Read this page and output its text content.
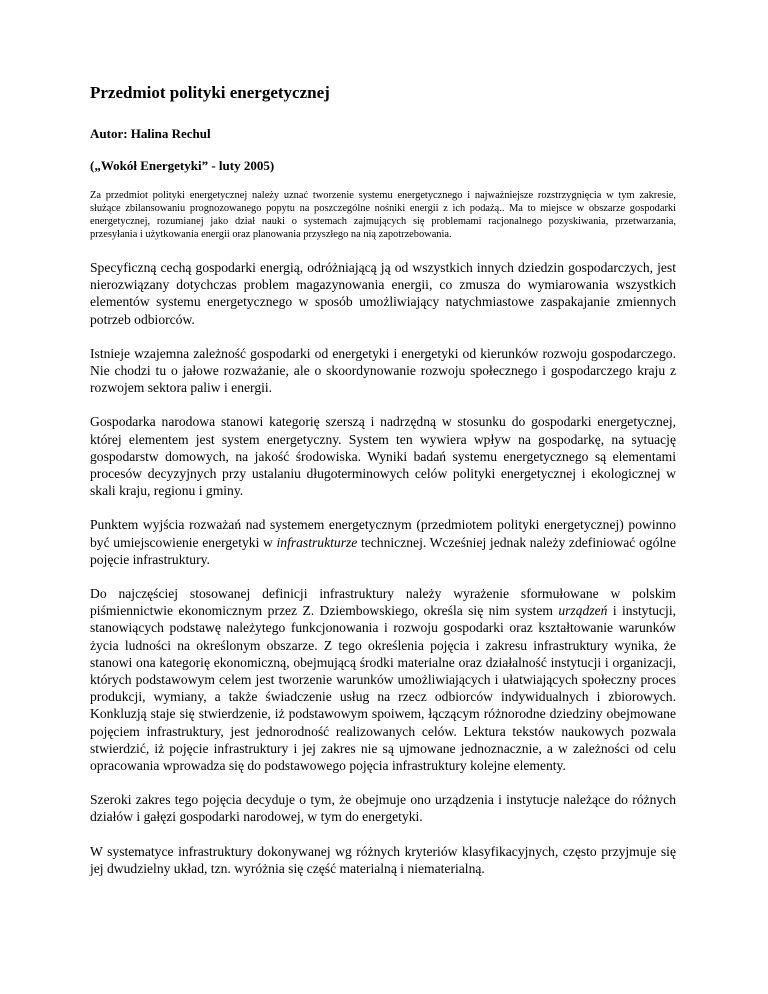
Przedmiot polityki energetycznej

Autor: Halina Rechul

(„Wokół Energetyki” - luty 2005)

Za przedmiot polityki energetycznej należy uznać tworzenie systemu energetycznego i najważniejsze rozstrzygnięcia w tym zakresie, służące zbilansowaniu prognozowanego popytu na poszczególne nośniki energii z ich podażą.. Ma to miejsce w obszarze gospodarki energetycznej, rozumianej jako dział nauki o systemach zajmujących się problemami racjonalnego pozyskiwania, przetwarzania, przesyłania i użytkowania energii oraz planowania przyszłego na nią zapotrzebowania.

Specyficzną cechą gospodarki energią, odróżniającą ją od wszystkich innych dziedzin gospodarczych, jest nierozwiązany dotychczas problem magazynowania energii, co zmusza do wymiarowania wszystkich elementów systemu energetycznego w sposób umożliwiający natychmiastowe zaspakajanie zmiennych potrzeb odbiorców.

Istnieje wzajemna zależność gospodarki od energetyki i energetyki od kierunków rozwoju gospodarczego. Nie chodzi tu o jałowe rozważanie, ale o skoordynowanie rozwoju społecznego i gospodarczego kraju z rozwojem sektora paliw i energii.

Gospodarka narodowa stanowi kategorię szerszą i nadrzędną w stosunku do gospodarki energetycznej, której elementem jest system energetyczny. System ten wywiera wpływ na gospodarkę, na sytuację gospodarstw domowych, na jakość środowiska. Wyniki badań systemu energetycznego są elementami procesów decyzyjnych przy ustalaniu długoterminowych celów polityki energetycznej i ekologicznej w skali kraju, regionu i gminy.

Punktem wyjścia rozważań nad systemem energetycznym (przedmiotem polityki energetycznej) powinno być umiejscowienie energetyki w infrastrukturze technicznej. Wcześniej jednak należy zdefiniować ogólne pojęcie infrastruktury.

Do najczęściej stosowanej definicji infrastruktury należy wyrażenie sformułowane w polskim piśmiennictwie ekonomicznym przez Z. Dziembowskiego, określa się nim system urządzeń i instytucji, stanowiących podstawę należytego funkcjonowania i rozwoju gospodarki oraz kształtowanie warunków życia ludności na określonym obszarze. Z tego określenia pojęcia i zakresu infrastruktury wynika, że stanowi ona kategorię ekonomiczną, obejmującą środki materialne oraz działalność instytucji i organizacji, których podstawowym celem jest tworzenie warunków umożliwiających i ułatwiających społeczny proces produkcji, wymiany, a także świadczenie usług na rzecz odbiorców indywidualnych i zbiorowych. Konkluzją staje się stwierdzenie, iż podstawowym spoiwem, łączącym różnorodne dziedziny obejmowane pojęciem infrastruktury, jest jednorodność realizowanych celów. Lektura tekstów naukowych pozwala stwierdzić, iż pojęcie infrastruktury i jej zakres nie są ujmowane jednoznacznie, a w zależności od celu opracowania wprowadza się do podstawowego pojęcia infrastruktury kolejne elementy.

Szeroki zakres tego pojęcia decyduje o tym, że obejmuje ono urządzenia i instytucje należące do różnych działów i gałęzi gospodarki narodowej, w tym do energetyki.

W systematyce infrastruktury dokonywanej wg różnych kryteriów klasyfikacyjnych, często przyjmuje się jej dwudzielny układ, tzn. wyróżnia się część materialną i niematerialną.
